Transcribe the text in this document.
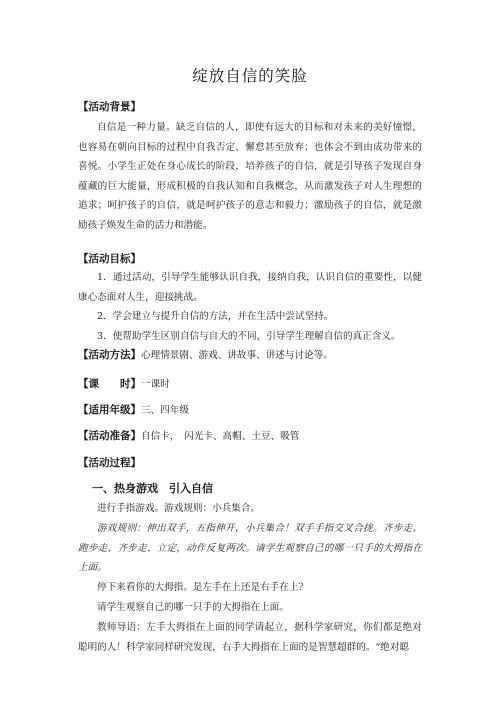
绽放自信的笑脸
【活动背景】
自信是一种力量。缺乏自信的人，即使有远大的目标和对未来的美好憧憬，也容易在朝向目标的过程中自我否定、懈怠甚至放弃；也体会不到由成功带来的喜悦。小学生正处在身心成长的阶段，培养孩子的自信，就是引导孩子发现自身蕴藏的巨大能量，形成积极的自我认知和自我概念，从而激发孩子对人生理想的追求；呵护孩子的自信，就是呵护孩子的意志和毅力；激励孩子的自信，就是激励孩子焕发生命的活力和潜能。
【活动目标】
1．通过活动，引导学生能够认识自我，接纳自我，认识自信的重要性，以健康心态面对人生，迎接挑战。
2．学会建立与提升自信的方法，并在生活中尝试坚持。
3．使帮助学生区别自信与自大的不同，引导学生理解自信的真正含义。
【活动方法】心理情景剧、游戏、讲故事、讲述与讨论等。
【课　　时】一课时
【适用年级】三、四年级
【活动准备】自信卡，　闪光卡、高帽、土豆、吸管
【活动过程】
一、热身游戏　引入自信
进行手指游戏。游戏规则：小兵集合。
游戏规则：伸出双手，五指伸开，小兵集合！双手手指交叉合拢。齐步走、跑步走、齐步走、立定，动作反复两次。请学生观察自己的哪一只手的大拇指在上面。
停下来看你的大拇指。是左手在上还是右手在上？
请学生观察自己的哪一只手的大拇指在上面。
教师导语：左手大拇指在上面的同学请起立，据科学家研究，你们都是绝对聪明的人！科学家同样研究发现，右手大拇指在上面的是智慧超群的。“绝对聪
